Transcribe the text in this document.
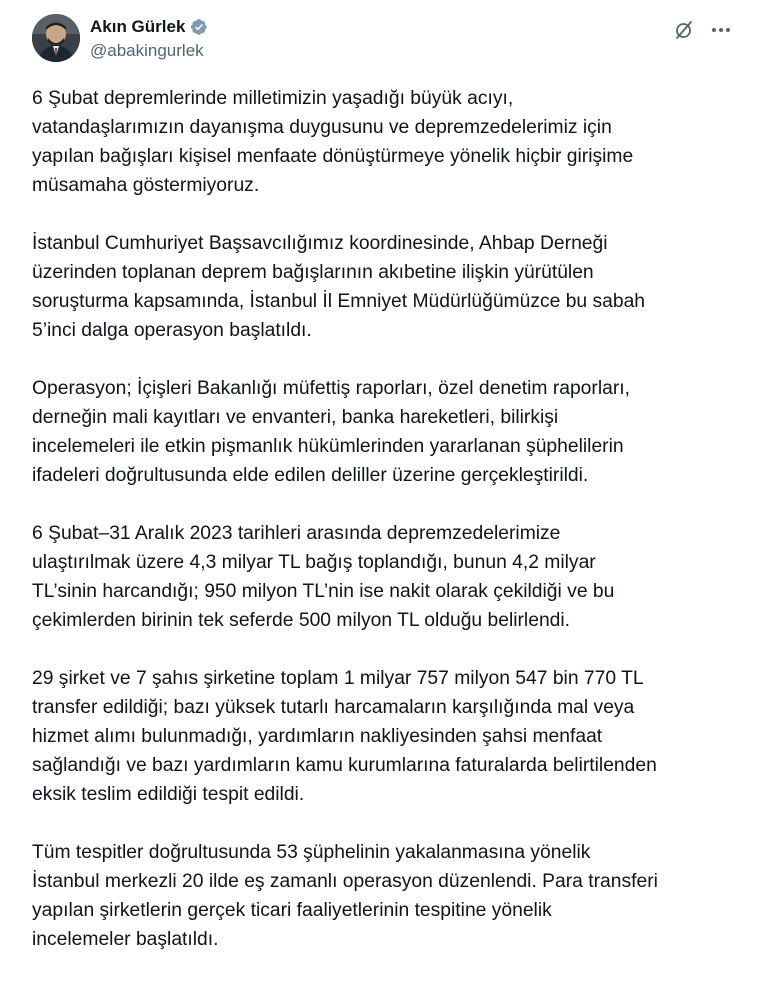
Akın Gürlek
@abakingurlek

6 Şubat depremlerinde milletimizin yaşadığı büyük acıyı,
vatandaşlarımızın dayanışma duygusunu ve depremzedelerimiz için
yapılan bağışları kişisel menfaate dönüştürmeye yönelik hiçbir girişime
müsamaha göstermiyoruz.

İstanbul Cumhuriyet Başsavcılığımız koordinesinde, Ahbap Derneği
üzerinden toplanan deprem bağışlarının akıbetine ilişkin yürütülen
soruşturma kapsamında, İstanbul İl Emniyet Müdürlüğümüzce bu sabah
5’inci dalga operasyon başlatıldı.

Operasyon; İçişleri Bakanlığı müfettiş raporları, özel denetim raporları,
derneğin mali kayıtları ve envanteri, banka hareketleri, bilirkişi
incelemeleri ile etkin pişmanlık hükümlerinden yararlanan şüphelilerin
ifadeleri doğrultusunda elde edilen deliller üzerine gerçekleştirildi.

6 Şubat–31 Aralık 2023 tarihleri arasında depremzedelerimize
ulaştırılmak üzere 4,3 milyar TL bağış toplandığı, bunun 4,2 milyar
TL’sinin harcandığı; 950 milyon TL’nin ise nakit olarak çekildiği ve bu
çekimlerden birinin tek seferde 500 milyon TL olduğu belirlendi.

29 şirket ve 7 şahıs şirketine toplam 1 milyar 757 milyon 547 bin 770 TL
transfer edildiği; bazı yüksek tutarlı harcamaların karşılığında mal veya
hizmet alımı bulunmadığı, yardımların nakliyesinden şahsi menfaat
sağlandığı ve bazı yardımların kamu kurumlarına faturalarda belirtilenden
eksik teslim edildiği tespit edildi.

Tüm tespitler doğrultusunda 53 şüphelinin yakalanmasına yönelik
İstanbul merkezli 20 ilde eş zamanlı operasyon düzenlendi. Para transferi
yapılan şirketlerin gerçek ticari faaliyetlerinin tespitine yönelik
incelemeler başlatıldı.
